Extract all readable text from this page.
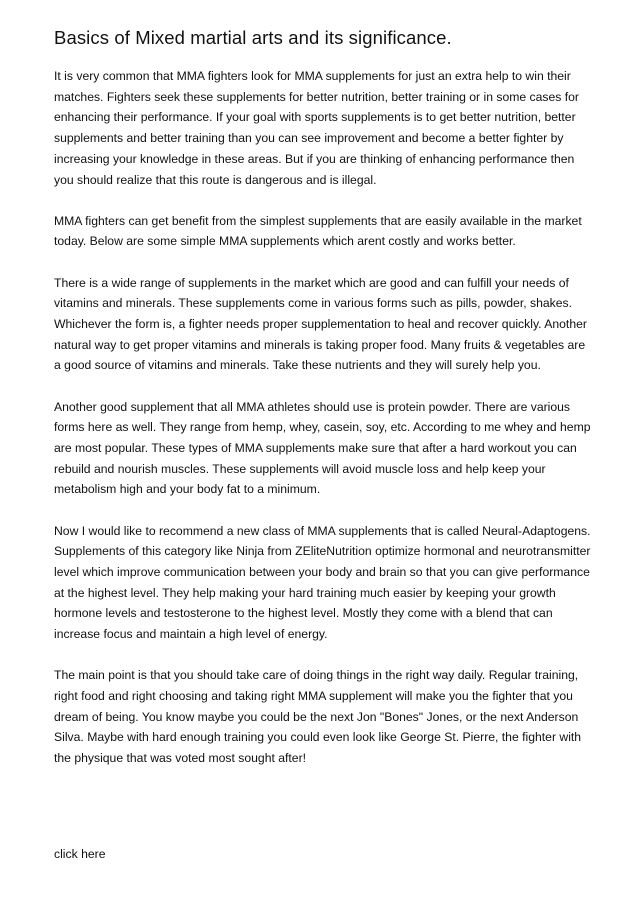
Basics of Mixed martial arts and its significance.

It is very common that MMA fighters look for MMA supplements for just an extra help to win their matches. Fighters seek these supplements for better nutrition, better training or in some cases for enhancing their performance. If your goal with sports supplements is to get better nutrition, better supplements and better training than you can see improvement and become a better fighter by increasing your knowledge in these areas. But if you are thinking of enhancing performance then you should realize that this route is dangerous and is illegal.

MMA fighters can get benefit from the simplest supplements that are easily available in the market today. Below are some simple MMA supplements which arent costly and works better.

There is a wide range of supplements in the market which are good and can fulfill your needs of vitamins and minerals. These supplements come in various forms such as pills, powder, shakes. Whichever the form is, a fighter needs proper supplementation to heal and recover quickly. Another natural way to get proper vitamins and minerals is taking proper food. Many fruits & vegetables are a good source of vitamins and minerals. Take these nutrients and they will surely help you.

Another good supplement that all MMA athletes should use is protein powder. There are various forms here as well. They range from hemp, whey, casein, soy, etc. According to me whey and hemp are most popular. These types of MMA supplements make sure that after a hard workout you can rebuild and nourish muscles. These supplements will avoid muscle loss and help keep your metabolism high and your body fat to a minimum.

Now I would like to recommend a new class of MMA supplements that is called Neural-Adaptogens. Supplements of this category like Ninja from ZEliteNutrition optimize hormonal and neurotransmitter level which improve communication between your body and brain so that you can give performance at the highest level. They help making your hard training much easier by keeping your growth hormone levels and testosterone to the highest level. Mostly they come with a blend that can increase focus and maintain a high level of energy.

The main point is that you should take care of doing things in the right way daily. Regular training, right food and right choosing and taking right MMA supplement will make you the fighter that you dream of being. You know maybe you could be the next Jon "Bones" Jones, or the next Anderson Silva. Maybe with hard enough training you could even look like George St. Pierre, the fighter with the physique that was voted most sought after!

click here
